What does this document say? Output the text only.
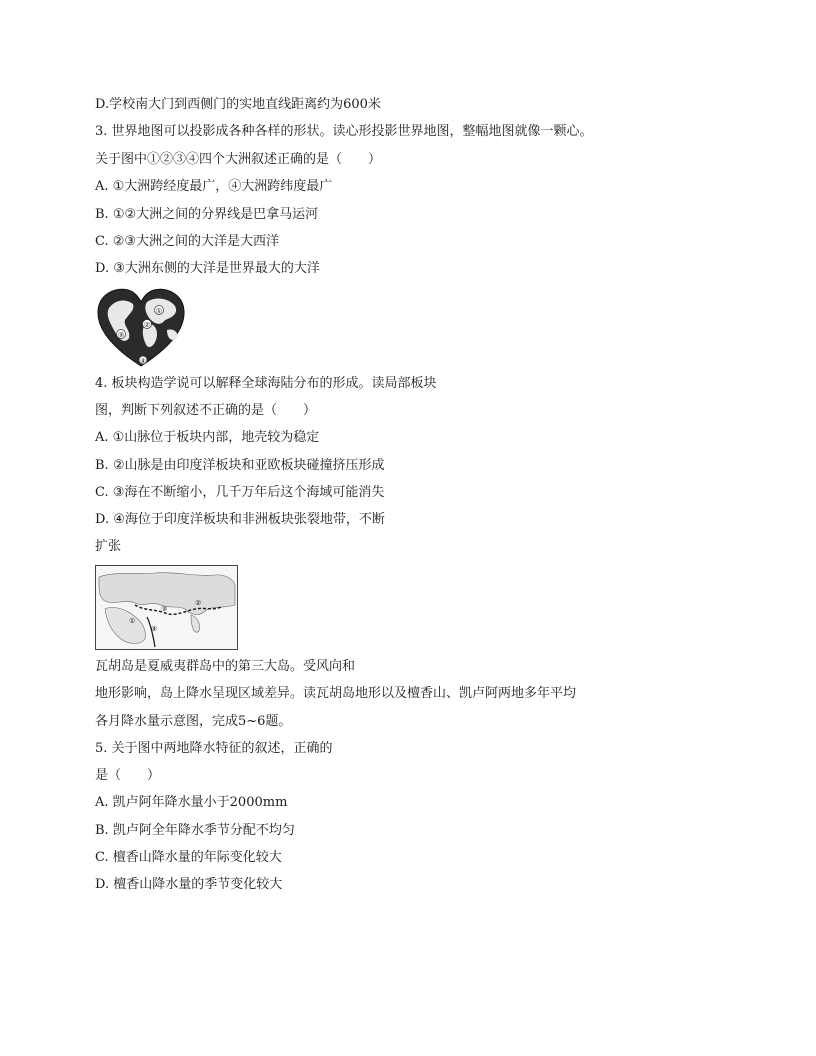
D.学校南大门到西侧门的实地直线距离约为600米
3. 世界地图可以投影成各种各样的形状。读心形投影世界地图，整幅地图就像一颗心。
关于图中①②③④四个大洲叙述正确的是（　　）
A. ①大洲跨经度最广，④大洲跨纬度最广
B. ①②大洲之间的分界线是巴拿马运河
C. ②③大洲之间的大洋是大西洋
D. ③大洲东侧的大洋是世界最大的大洋
①
②
③
④
4. 板块构造学说可以解释全球海陆分布的形成。读局部板块
图，判断下列叙述不正确的是（　　）
A. ①山脉位于板块内部，地壳较为稳定
B. ②山脉是由印度洋板块和亚欧板块碰撞挤压形成
C. ③海在不断缩小，几千万年后这个海域可能消失
D. ④海位于印度洋板块和非洲板块张裂地带，不断
扩张
①
②
③
④
瓦胡岛是夏威夷群岛中的第三大岛。受风向和
地形影响，岛上降水呈现区域差异。读瓦胡岛地形以及檀香山、凯卢阿两地多年平均
各月降水量示意图，完成5~6题。
5. 关于图中两地降水特征的叙述，正确的
是（　　）
A. 凯卢阿年降水量小于2000mm
B. 凯卢阿全年降水季节分配不均匀
C. 檀香山降水量的年际变化较大
D. 檀香山降水量的季节变化较大
